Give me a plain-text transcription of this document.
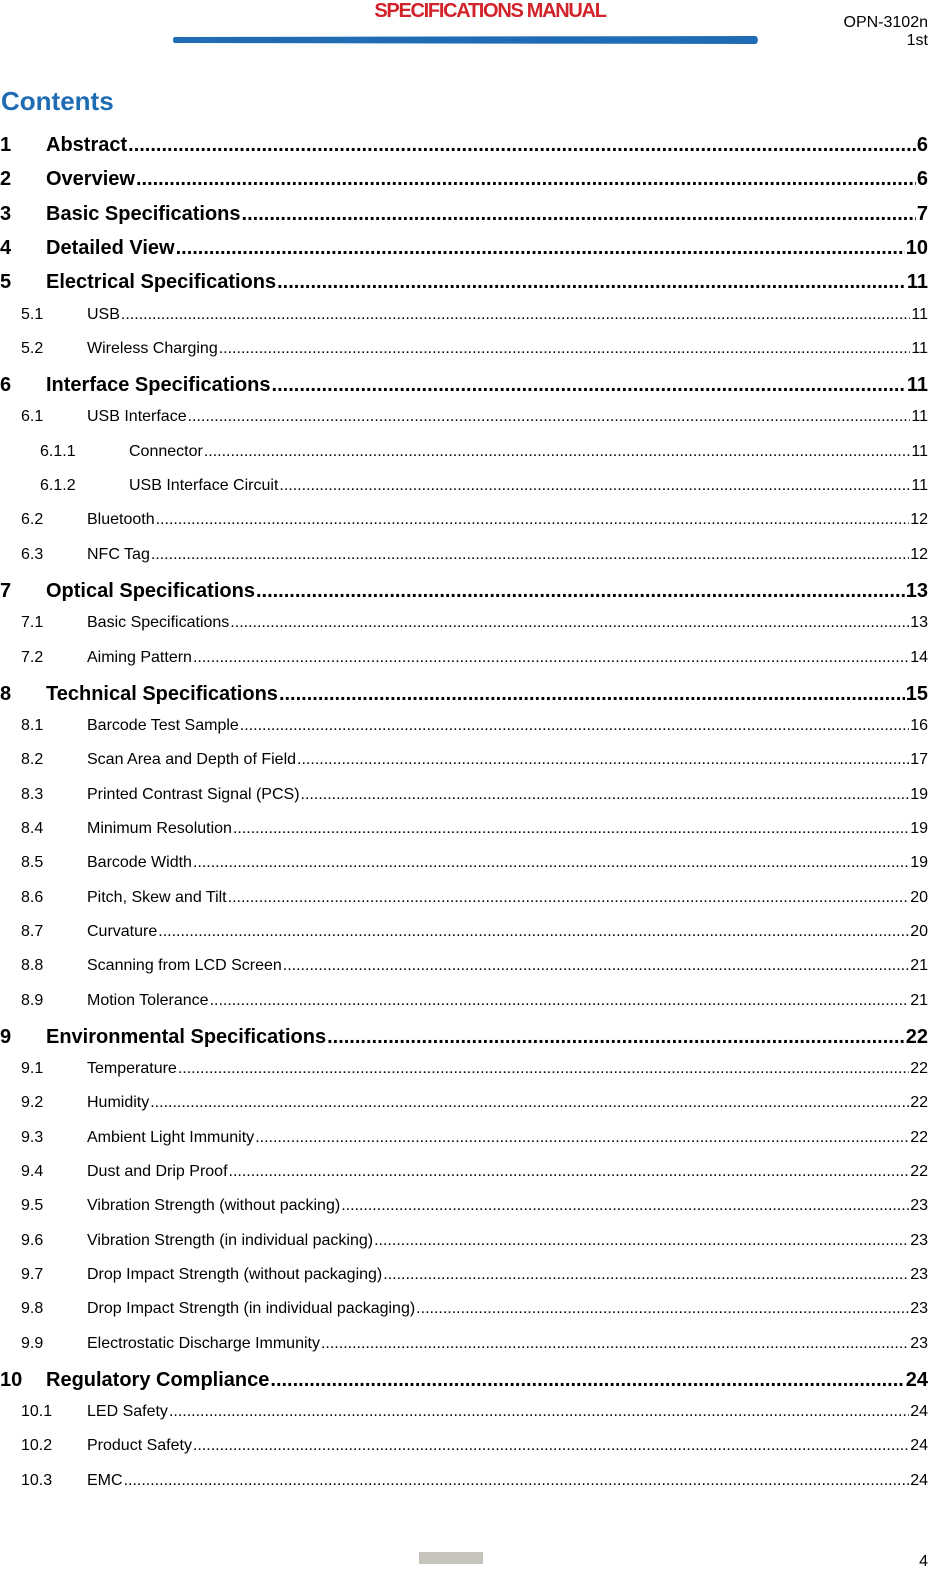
SPECIFICATIONS MANUAL
OPN-3102n
1st
Contents
1	Abstract .....	6
2	Overview .....	6
3	Basic Specifications .....	7
4	Detailed View .....	10
5	Electrical Specifications .....	11
5.1	USB .....	11
5.2	Wireless Charging .....	11
6	Interface Specifications .....	11
6.1	USB Interface .....	11
6.1.1	Connector .....	11
6.1.2	USB Interface Circuit .....	11
6.2	Bluetooth .....	12
6.3	NFC Tag .....	12
7	Optical Specifications .....	13
7.1	Basic Specifications .....	13
7.2	Aiming Pattern .....	14
8	Technical Specifications .....	15
8.1	Barcode Test Sample .....	16
8.2	Scan Area and Depth of Field .....	17
8.3	Printed Contrast Signal (PCS) .....	19
8.4	Minimum Resolution .....	19
8.5	Barcode Width .....	19
8.6	Pitch, Skew and Tilt .....	20
8.7	Curvature .....	20
8.8	Scanning from LCD Screen .....	21
8.9	Motion Tolerance .....	21
9	Environmental Specifications .....	22
9.1	Temperature .....	22
9.2	Humidity .....	22
9.3	Ambient Light Immunity .....	22
9.4	Dust and Drip Proof .....	22
9.5	Vibration Strength (without packing) .....	23
9.6	Vibration Strength (in individual packing) .....	23
9.7	Drop Impact Strength (without packaging) .....	23
9.8	Drop Impact Strength (in individual packaging) .....	23
9.9	Electrostatic Discharge Immunity .....	23
10	Regulatory Compliance .....	24
10.1	LED Safety .....	24
10.2	Product Safety .....	24
10.3	EMC .....	24
4
